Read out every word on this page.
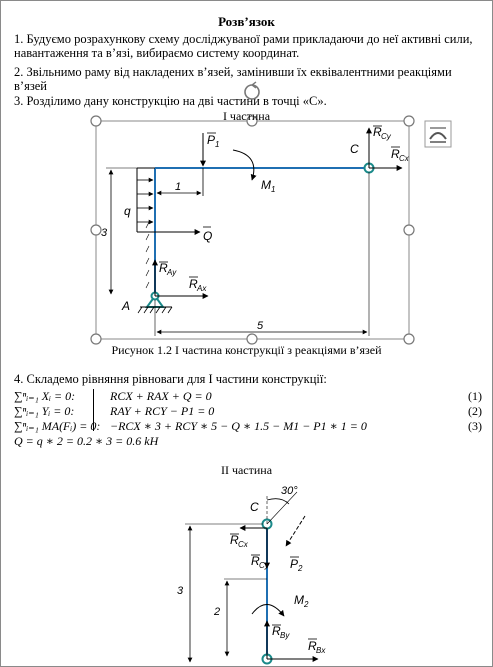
Розв’язок
1. Будуємо розрахункову схему досліджуваної рами прикладаючи до неї активні сили, навантаження та в’язі, вибираємо систему координат.
2. Звільнимо раму від накладених в’язей, замінивши їх еквівалентними реакціями в’язей
3. Розділимо дану конструкцію на дві частини в точці «С».
Q
P 1
M 1
1
q
3
R Ay
R Ax
A
C
R Cy
R Cx
5
I частина
Рисунок 1.2 I частина конструкції з реакціями в’язей
4. Складемо рівняння рівноваги для I частини конструкції:
∑ⁿᵢ₌₁ Xᵢ = 0:	RCX + RAX + Q = 0	(1)
∑ⁿᵢ₌₁ Yᵢ = 0:	RAY + RCY − P1 = 0	(2)
∑ⁿᵢ₌₁ MA(Fᵢ) = 0: −RCX ∗ 3 + RCY ∗ 5 − Q ∗ 1.5 − M1 − P1 ∗ 1 = 0	(3)
Q = q ∗ 2 = 0.2 ∗ 3 = 0.6 kH
II частина
C
30°
P 2
R Cx
R Cy
3
2
M 2
R By
R Bx
